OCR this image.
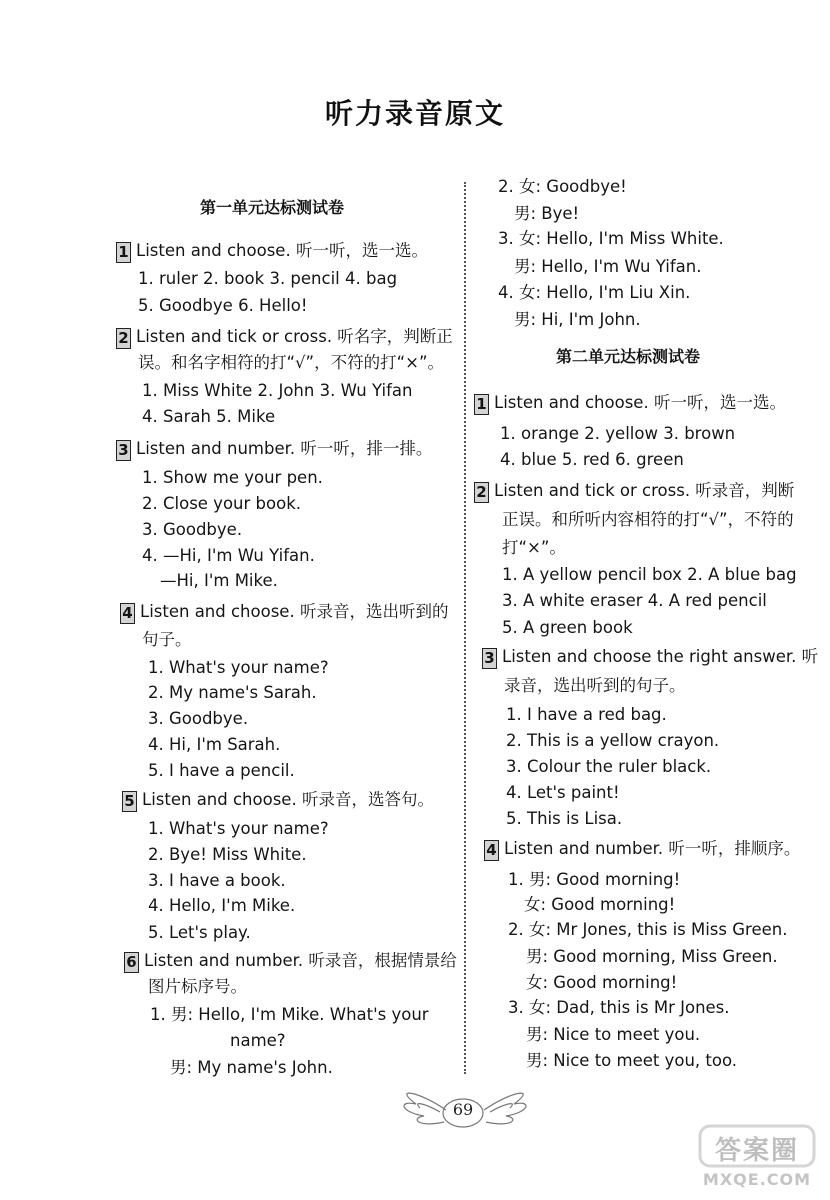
听力录音原文
第一单元达标测试卷
1 Listen and choose. 听一听，选一选。
1. ruler 2. book 3. pencil 4. bag
5. Goodbye 6. Hello!
2 Listen and tick or cross. 听名字，判断正
误。和名字相符的打“√”，不符的打“×”。
1. Miss White 2. John 3. Wu Yifan
4. Sarah 5. Mike
3 Listen and number. 听一听，排一排。
1. Show me your pen.
2. Close your book.
3. Goodbye.
4. —Hi, I'm Wu Yifan.
—Hi, I'm Mike.
4 Listen and choose. 听录音，选出听到的
句子。
1. What's your name?
2. My name's Sarah.
3. Goodbye.
4. Hi, I'm Sarah.
5. I have a pencil.
5 Listen and choose. 听录音，选答句。
1. What's your name?
2. Bye! Miss White.
3. I have a book.
4. Hello, I'm Mike.
5. Let's play.
6 Listen and number. 听录音，根据情景给
图片标序号。
1. 男: Hello, I'm Mike. What's your
name?
男: My name's John.
2. 女: Goodbye!
男: Bye!
3. 女: Hello, I'm Miss White.
男: Hello, I'm Wu Yifan.
4. 女: Hello, I'm Liu Xin.
男: Hi, I'm John.
第二单元达标测试卷
1 Listen and choose. 听一听，选一选。
1. orange 2. yellow 3. brown
4. blue 5. red 6. green
2 Listen and tick or cross. 听录音，判断
正误。和所听内容相符的打“√”，不符的
打“×”。
1. A yellow pencil box 2. A blue bag
3. A white eraser 4. A red pencil
5. A green book
3 Listen and choose the right answer. 听
录音，选出听到的句子。
1. I have a red bag.
2. This is a yellow crayon.
3. Colour the ruler black.
4. Let's paint!
5. This is Lisa.
4 Listen and number. 听一听，排顺序。
1. 男: Good morning!
女: Good morning!
2. 女: Mr Jones, this is Miss Green.
男: Good morning, Miss Green.
女: Good morning!
3. 女: Dad, this is Mr Jones.
男: Nice to meet you.
男: Nice to meet you, too.
69
答案圈
MXQE.COM
